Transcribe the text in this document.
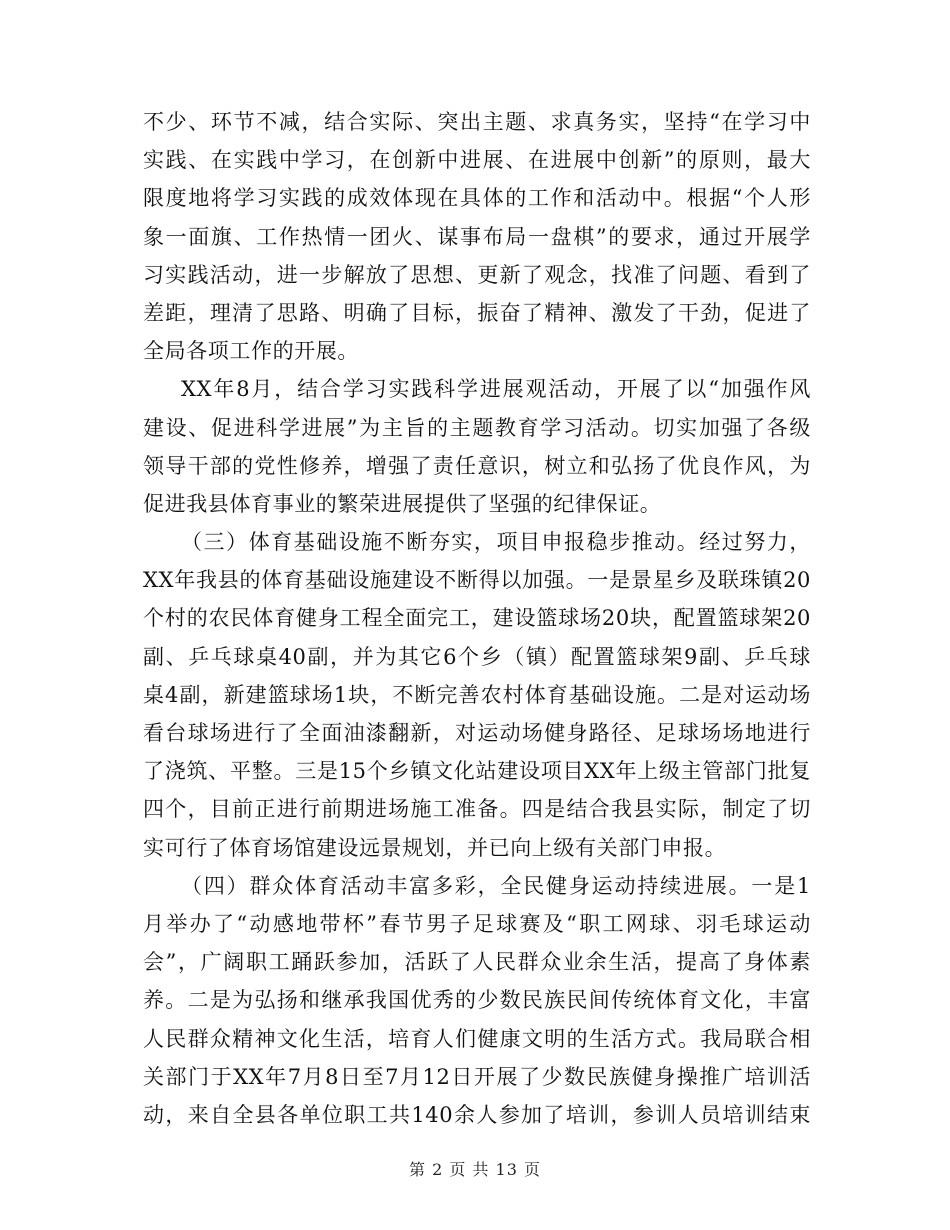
不少、环节不减，结合实际、突出主题、求真务实，坚持“在学习中
实践、在实践中学习，在创新中进展、在进展中创新”的原则，最大
限度地将学习实践的成效体现在具体的工作和活动中。根据“个人形
象一面旗、工作热情一团火、谋事布局一盘棋”的要求，通过开展学
习实践活动，进一步解放了思想、更新了观念，找准了问题、看到了
差距，理清了思路、明确了目标，振奋了精神、激发了干劲，促进了
全局各项工作的开展。
XX年8月，结合学习实践科学进展观活动，开展了以“加强作风
建设、促进科学进展”为主旨的主题教育学习活动。切实加强了各级
领导干部的党性修养，增强了责任意识，树立和弘扬了优良作风，为
促进我县体育事业的繁荣进展提供了坚强的纪律保证。
（三）体育基础设施不断夯实，项目申报稳步推动。经过努力，
XX年我县的体育基础设施建设不断得以加强。一是景星乡及联珠镇20
个村的农民体育健身工程全面完工，建设篮球场20块，配置篮球架20
副、乒乓球桌40副，并为其它6个乡（镇）配置篮球架9副、乒乓球
桌4副，新建篮球场1块，不断完善农村体育基础设施。二是对运动场
看台球场进行了全面油漆翻新，对运动场健身路径、足球场场地进行
了浇筑、平整。三是15个乡镇文化站建设项目XX年上级主管部门批复
四个，目前正进行前期进场施工准备。四是结合我县实际，制定了切
实可行了体育场馆建设远景规划，并已向上级有关部门申报。
（四）群众体育活动丰富多彩，全民健身运动持续进展。一是1
月举办了“动感地带杯”春节男子足球赛及“职工网球、羽毛球运动
会”，广阔职工踊跃参加，活跃了人民群众业余生活，提高了身体素
养。二是为弘扬和继承我国优秀的少数民族民间传统体育文化，丰富
人民群众精神文化生活，培育人们健康文明的生活方式。我局联合相
关部门于XX年7月8日至7月12日开展了少数民族健身操推广培训活
动，来自全县各单位职工共140余人参加了培训，参训人员培训结束
第 2 页 共 13 页
